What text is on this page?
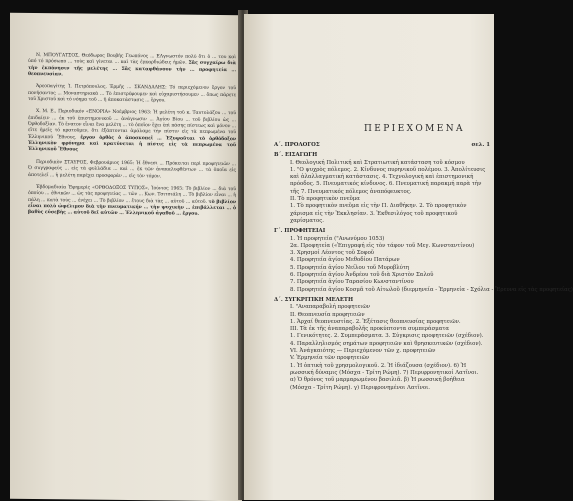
Ν. ΜΠΟΥΓΑΤΣΟΣ, Θεόδωρος Βουβής Γεωπόνος ... ΕΛγνωστόν πολύ ὅτι ὁ ... του καὶ ὑπό τό πρόσωπο ... τοὺς καὶ γίνεται ... καὶ τὰς ἐγκαρδιώδεις ἡμῶν. Σᾶς συγχαίρω διὰ τὴν ἐκπόνησιν τῆς μελέτης ... Σᾶς καταφθάνουν τὴν ... προφητεία ... θεοπνευσίαν.

Ἀρεοπαγίτης Ἰ. Πετρόπουλος, Ἑρμῆς ... ΣΚΑΝΔΑΛΗΣ: Τό περιεχόμενον ἔργον τοῦ πονήσαντος ... Μοναστηριακὰ ... Τὸ ἐπιστρέφουμεν καὶ εὐχαριστήσουμεν ... ὅπως πάρετε τοῦ Χριστοῦ καὶ τό νόημα τοῦ ... ἡ ἀποκατάστασις ... ἔργου.

Χ. Μ. Ε., Περιοδικόν «ΕΝΟΡΙΑ» Νοέμβριος 1963: Ἡ μελέτη τοῦ κ. Ταυτολάζου ... τοῦ ἐπιδαίειν ... ἐκ τοῦ ἐπιστημονικοῦ ... ἀνάγνωσιν ... Ἀγίου Βίου ... τοῦ βιβλίου ὡς ... Ὀρθοδοξίαν. Τὸ ἔνατον εἶναι ἕνα μελέτη ... τὸ ὁποῖον ἔχει ἐπὶ πάσης πίστεως καὶ μόνον ... εἴτε ἡμεῖς τό κρατοῦμεν, ὅτι ἐξάπτονται ἀμάλαμε τὴν πίστιν εἰς τὰ πεπρωμένα τοῦ Ἑλληνικοῦ Ἔθνους. ἔργον ὀρθὸς ὁ ἀποσκοπεῖ ... Ἐξυψοῦται τὸ ὀρθόδοξον Ἑλληνικὸν φρόνημα καὶ κρατύνεται ἡ πίστις εἰς τὰ πεπρωμένα τοῦ Ἑλληνικοῦ Ἔθνους

Περιοδικὸν ΣΤΑΥΡΟΣ, Φεβρουάριος 1965: Ἡ ἔθνεσι ... Πρόκειται περὶ προφητειῶν ... Ὁ συγγραφεύς ... εἰς τὰ φυλλάδια ... καὶ ... ἐκ τῶν ἀνακαλυφθέντων ... τὰ ὁποῖα εἰς ἀποτελεῖ ... ἡ μελέτη παρέχει προσφοράν ... εἰς τὸν τόμον.

Ἐβδομαδιαία Ἐφημερὶς «ΟΡΘΟΔΟΞΟΣ ΤΥΠΟΣ», Ἰούνιος 1965: Τὸ βιβλίον ... διὰ τοῦ ὁποίου ... ἐθνικῶν ... ὡς τὰς προφητείας ... τῶν ... Κων. Τσιτσιάλη ... Τὸ βιβλίον εἶναι ... ἡ πάλη ... κατὰ τοὺς ... ἐνέχει ... Τὸ βιβλίον ... ἔτους διὰ τὰς ... αὐτοῦ ... αὐτοῦ. τὸ βιβλίον εἶναι πολὺ ὠφέλιμον διὰ τὴν πνευματικήν ... τὴν ψυχικὴν ... ἐπιβάλλεται ... ὁ βαθὺς εὐσεβὴς ... αὐτοῦ δεῖ αὐτῶν ... Ἐλληνικοῦ ἀγαθοῦ ... ἔργου.

ΠΕΡΙΕΧΟΜΕΝΑ
Α΄. ΠΡΟΛΟΓΟΣ	σελ. 1
Β΄. ΕΙΣΑΓΩΓΗ
Ι. Θεολογική Πολιτική καὶ Στρατιωτική κατάσταση τοῦ κόσμου
1. "Ο ψυχρὸς πόλεμος. 2. Κίνδυνος πυρηνικοῦ πολέμου. 3. Ἀπολίτευσις καὶ ἀλαλλαγματική κατάστασις. 4. Τεχνολογική καὶ ἐπιστημονική πρόοδος. 5. Πνευματικός κίνδυνος. 6. Πνευματική παρακμή παρὰ τὴν τῆς 7. Πνευματικός πόλεμος ἀναπόφευκτος.
ΙΙ. Τὸ προφητικὸν πνεῦμα
1. Τὸ προφητικὸν πνεῦμα εἰς τὴν Π. Διαθήκην. 2. Τὸ προφητικὸν χάρισμα εἰς τὴν Ἐκκλησίαν. 3. Ἐκθεσιλόγος τοῦ προφητικοῦ χαρίσματος.
Γ΄. ΠΡΟΦΗΤΕΙΑΙ
1. Ἡ προφητεία ("Ανωνύμου 1053)
2α. Προφητεία («Ἐπιγραφή εἰς τὸν τάφον τοῦ Μεγ. Κωνσταντίνου)
3. Χρησμοί Λέοντος τοῦ Σοφοῦ
4. Προφητεία ἁγίου Μεθοδίου Πατάρων
5. Προφητεία ἁγίου Νείλου τοῦ Μυροβλύτη
6. Προφητεία ἁγίου Ἀνδρέου τοῦ διὰ Χριστὸν Σαλοῦ
7. Προφητεία ἁγίου Ταρασίου Κωνσταντίνου
8. Προφητεία ἁγίου Κοσμᾶ τοῦ Αἰτωλοῦ (διερμηνεία - Ἑρμηνεία - Σχόλια - Ἔρευνα εἰς τὰς προφητείας)
Δ΄. ΣΥΓΚΡΙΤΙΚΗ ΜΕΛΕΤΗ
Ι. "Αναπαραβολή προφητειῶν
ΙΙ. Θεοπνευσία προφητειῶν
1. Ἀρχαί θεοπνευστίας. 2. Ἐξέτασις θεοπνευσίας προφητειῶν.
ΙΙΙ. Τὰ ἐκ τῆς ἀναπαραβολῆς προκύπτοντα συμπεράσματα
1. Γενικότητες. 2. Συμπεράσματα. 3. Σύγκρισις προφητειῶν (σχέδιον). 4. Παραλληλισμός σημάτων προφητειῶν καὶ θρησκευτικῶν (σχέδιον).
VI. Ἀνάγκαιότης — Περιεχόμενον τῶν χ. προφητειῶν
V. Ἑρμηνεία τῶν προφητειῶν
1. Ἡ ὀπτικὴ τοῦ χρησμολογικοῦ. 2. Ἡ ἰδιάζουσα (σχέδιον). 6) Ἡ ρωσσική δύναμις (Μόσχα - Τρίτη Ρώμη). 7) Περιφρονητικοί Λατῖνοι.
α) Ὁ θρόνος τοῦ μαρμαρωμένου βασιλιᾶ. β) Ἡ ρωσσική βοήθεια (Μόσχα - Τρίτη Ρώμη). γ) Περιφρονημένοι Λατῖνοι.
